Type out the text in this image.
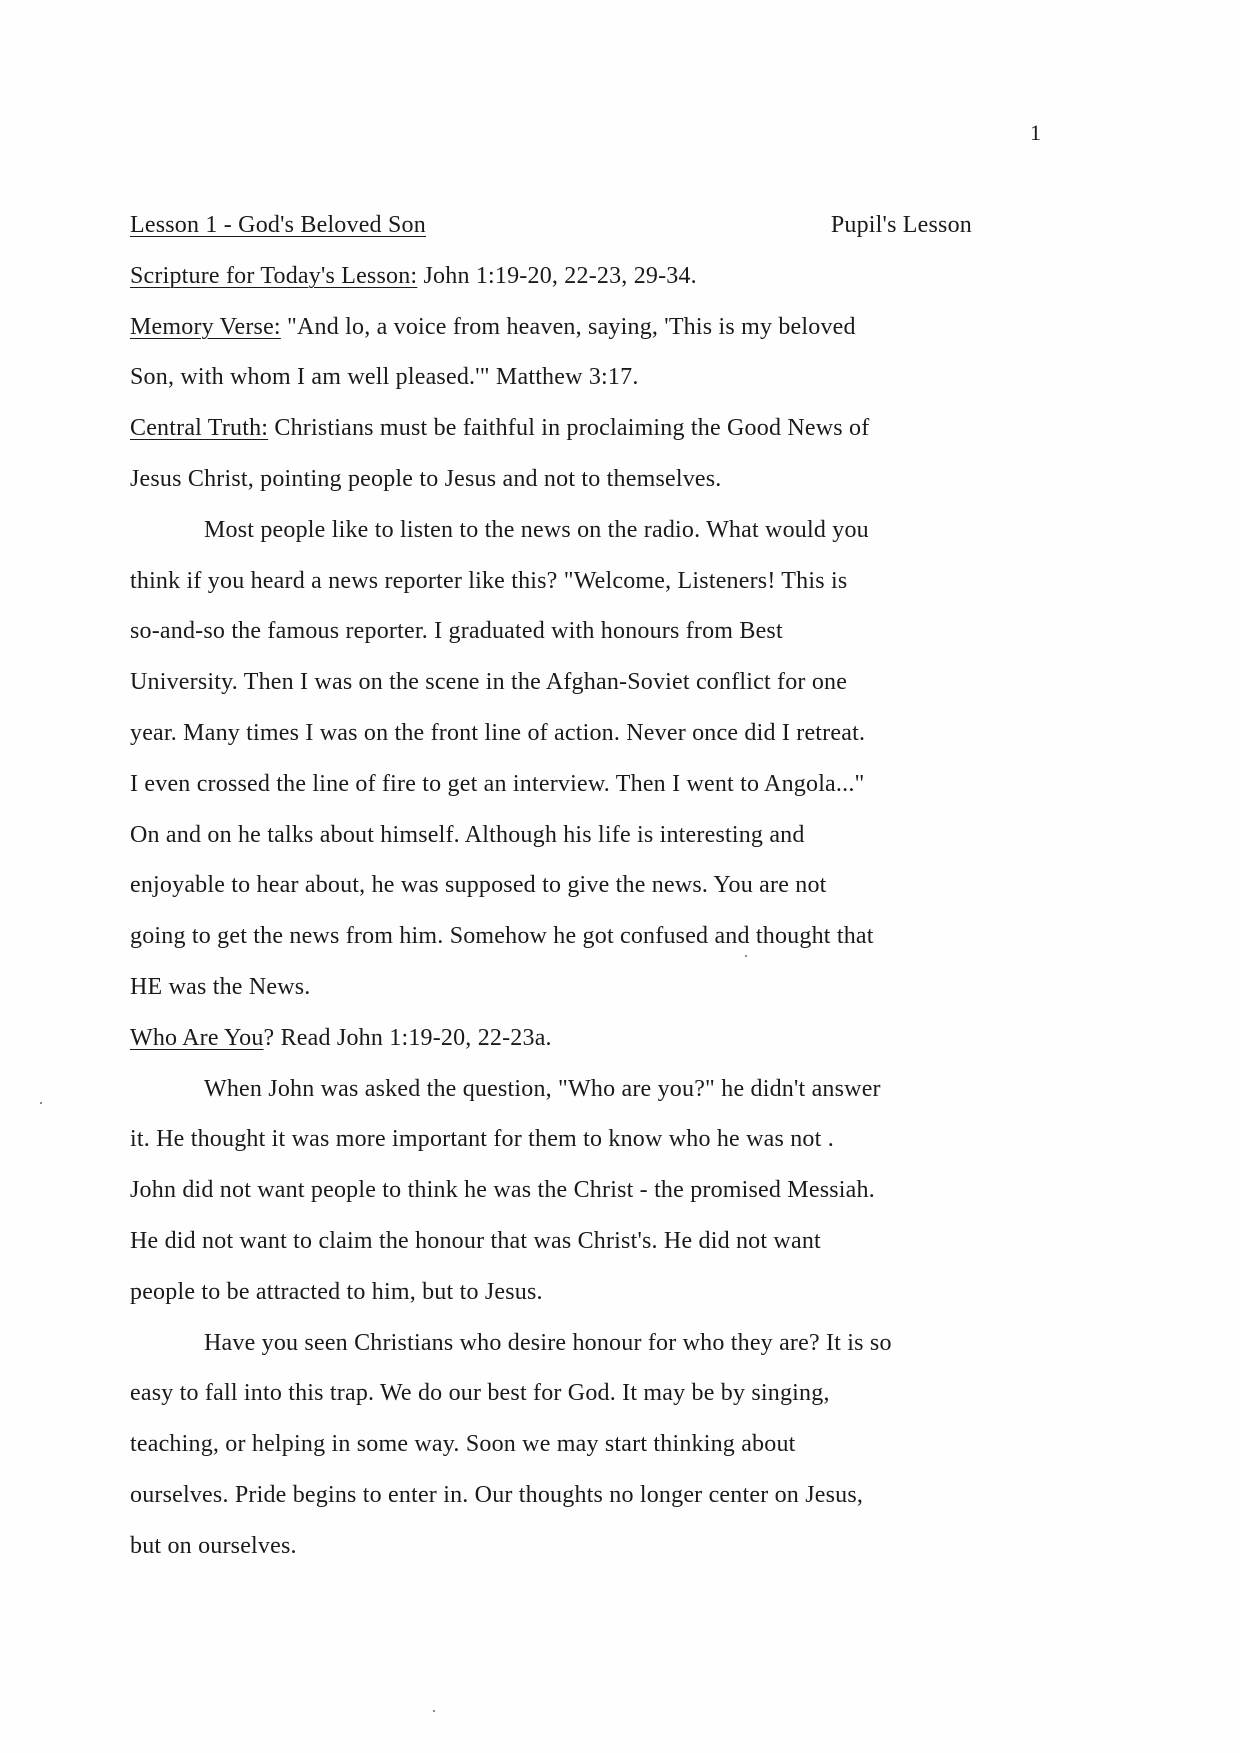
1
Lesson 1 - God's Beloved Son	Pupil's Lesson
Scripture for Today's Lesson: John 1:19-20, 22-23, 29-34.
Memory Verse: "And lo, a voice from heaven, saying, 'This is my beloved
Son, with whom I am well pleased.'" Matthew 3:17.
Central Truth: Christians must be faithful in proclaiming the Good News of
Jesus Christ, pointing people to Jesus and not to themselves.
Most people like to listen to the news on the radio. What would you
think if you heard a news reporter like this? "Welcome, Listeners! This is
so-and-so the famous reporter. I graduated with honours from Best
University. Then I was on the scene in the Afghan-Soviet conflict for one
year. Many times I was on the front line of action. Never once did I retreat.
I even crossed the line of fire to get an interview. Then I went to Angola..."
On and on he talks about himself. Although his life is interesting and
enjoyable to hear about, he was supposed to give the news. You are not
going to get the news from him. Somehow he got confused and thought that
HE was the News.
Who Are You? Read John 1:19-20, 22-23a.
When John was asked the question, "Who are you?" he didn't answer
it. He thought it was more important for them to know who he was not .
John did not want people to think he was the Christ - the promised Messiah.
He did not want to claim the honour that was Christ's. He did not want
people to be attracted to him, but to Jesus.
Have you seen Christians who desire honour for who they are? It is so
easy to fall into this trap. We do our best for God. It may be by singing,
teaching, or helping in some way. Soon we may start thinking about
ourselves. Pride begins to enter in. Our thoughts no longer center on Jesus,
but on ourselves.
